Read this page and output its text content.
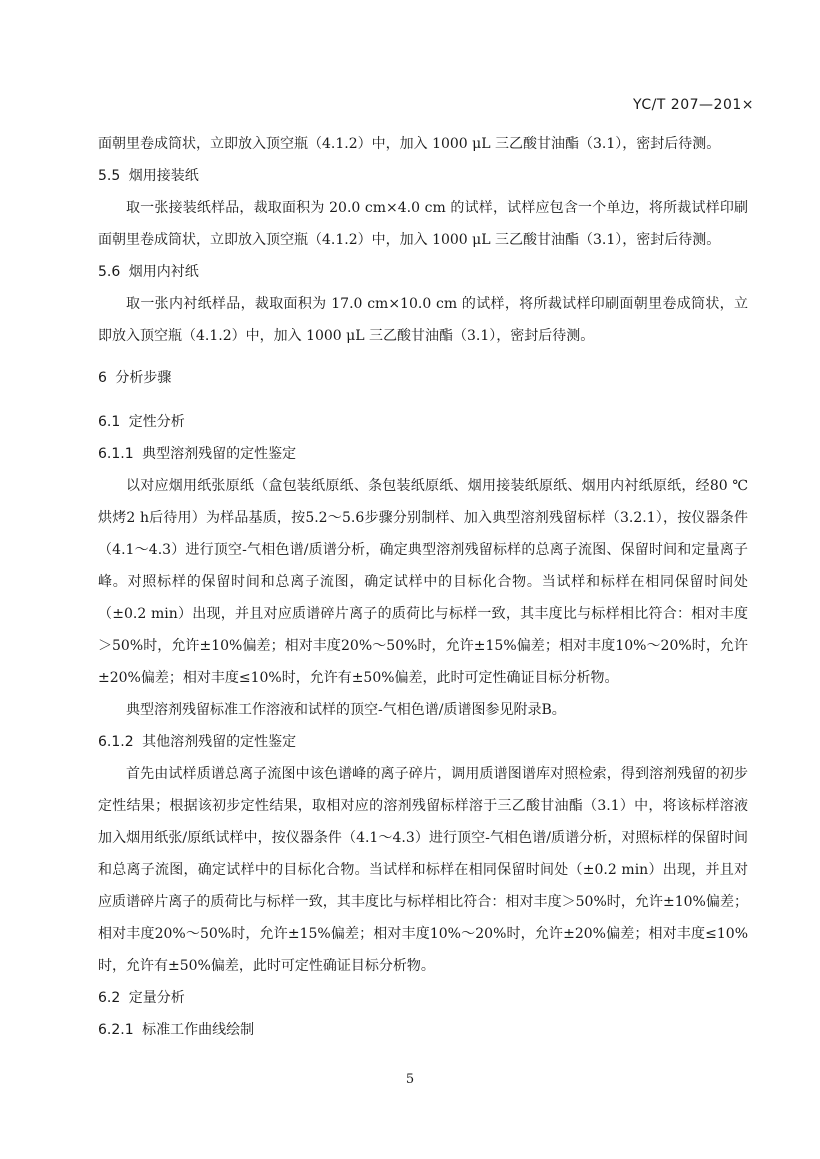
YC/T 207—201×

面朝里卷成筒状，立即放入顶空瓶（4.1.2）中，加入 1000 μL 三乙酸甘油酯（3.1），密封后待测。

5.5 烟用接装纸

取一张接装纸样品，裁取面积为 20.0 cm×4.0 cm 的试样，试样应包含一个单边，将所裁试样印刷面朝里卷成筒状，立即放入顶空瓶（4.1.2）中，加入 1000 μL 三乙酸甘油酯（3.1），密封后待测。

5.6 烟用内衬纸

取一张内衬纸样品，裁取面积为 17.0 cm×10.0 cm 的试样，将所裁试样印刷面朝里卷成筒状，立即放入顶空瓶（4.1.2）中，加入 1000 μL 三乙酸甘油酯（3.1），密封后待测。

6 分析步骤
6.1 定性分析
6.1.1 典型溶剂残留的定性鉴定

以对应烟用纸张原纸（盒包装纸原纸、条包装纸原纸、烟用接装纸原纸、烟用内衬纸原纸，经80 ℃烘烤2 h后待用）为样品基质，按5.2～5.6步骤分别制样、加入典型溶剂残留标样（3.2.1），按仪器条件（4.1～4.3）进行顶空-气相色谱/质谱分析，确定典型溶剂残留标样的总离子流图、保留时间和定量离子峰。对照标样的保留时间和总离子流图，确定试样中的目标化合物。当试样和标样在相同保留时间处（±0.2 min）出现，并且对应质谱碎片离子的质荷比与标样一致，其丰度比与标样相比符合：相对丰度＞50%时，允许±10%偏差；相对丰度20%～50%时，允许±15%偏差；相对丰度10%～20%时，允许±20%偏差；相对丰度≤10%时，允许有±50%偏差，此时可定性确证目标分析物。

典型溶剂残留标准工作溶液和试样的顶空-气相色谱/质谱图参见附录B。

6.1.2 其他溶剂残留的定性鉴定

首先由试样质谱总离子流图中该色谱峰的离子碎片，调用质谱图谱库对照检索，得到溶剂残留的初步定性结果；根据该初步定性结果，取相对应的溶剂残留标样溶于三乙酸甘油酯（3.1）中，将该标样溶液加入烟用纸张/原纸试样中，按仪器条件（4.1～4.3）进行顶空-气相色谱/质谱分析，对照标样的保留时间和总离子流图，确定试样中的目标化合物。当试样和标样在相同保留时间处（±0.2 min）出现，并且对应质谱碎片离子的质荷比与标样一致，其丰度比与标样相比符合：相对丰度＞50%时，允许±10%偏差；相对丰度20%～50%时，允许±15%偏差；相对丰度10%～20%时，允许±20%偏差；相对丰度≤10%时，允许有±50%偏差，此时可定性确证目标分析物。

6.2 定量分析
6.2.1 标准工作曲线绘制
5
